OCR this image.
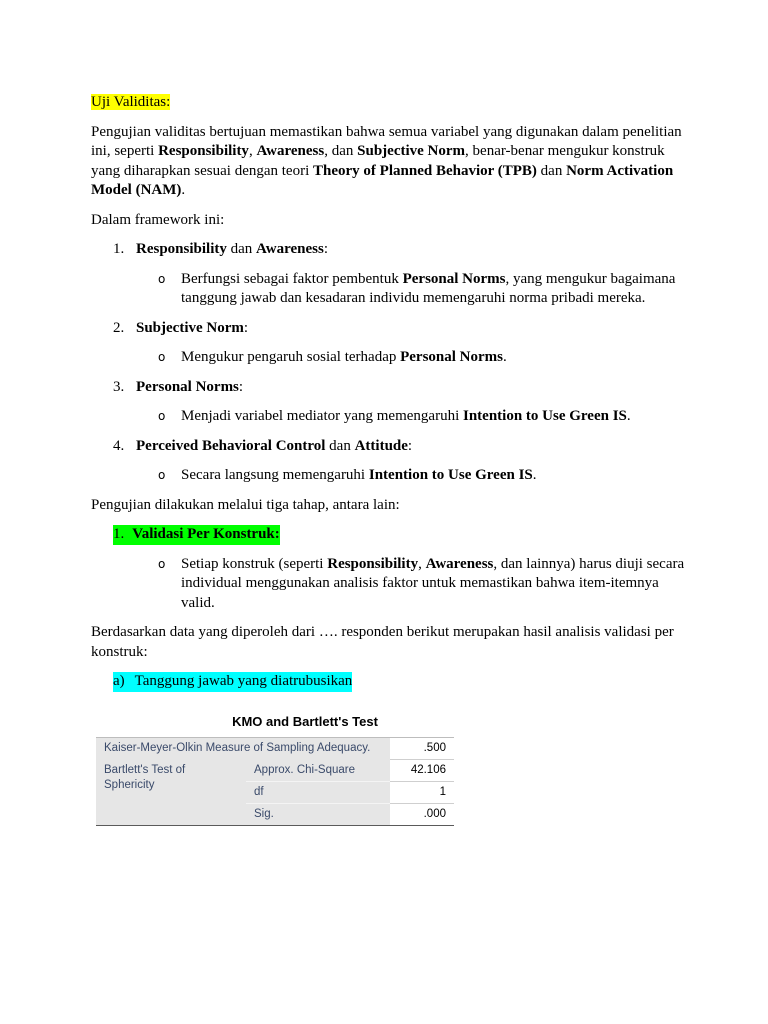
Uji Validitas:

Pengujian validitas bertujuan memastikan bahwa semua variabel yang digunakan dalam penelitian ini, seperti Responsibility, Awareness, dan Subjective Norm, benar-benar mengukur konstruk yang diharapkan sesuai dengan teori Theory of Planned Behavior (TPB) dan Norm Activation Model (NAM).

Dalam framework ini:

1. Responsibility dan Awareness:
o Berfungsi sebagai faktor pembentuk Personal Norms, yang mengukur bagaimana tanggung jawab dan kesadaran individu memengaruhi norma pribadi mereka.
2. Subjective Norm:
o Mengukur pengaruh sosial terhadap Personal Norms.
3. Personal Norms:
o Menjadi variabel mediator yang memengaruhi Intention to Use Green IS.
4. Perceived Behavioral Control dan Attitude:
o Secara langsung memengaruhi Intention to Use Green IS.

Pengujian dilakukan melalui tiga tahap, antara lain:

1. Validasi Per Konstruk:
o Setiap konstruk (seperti Responsibility, Awareness, dan lainnya) harus diuji secara individual menggunakan analisis faktor untuk memastikan bahwa item-itemnya valid.

Berdasarkan data yang diperoleh dari …. responden berikut merupakan hasil analisis validasi per konstruk:

a) Tanggung jawab yang diatrubusikan
KMO and Bartlett's Test
Kaiser-Meyer-Olkin Measure of Sampling Adequacy.		.500
Bartlett's Test of Sphericity	Approx. Chi-Square	42.106
	df	1
	Sig.	.000
